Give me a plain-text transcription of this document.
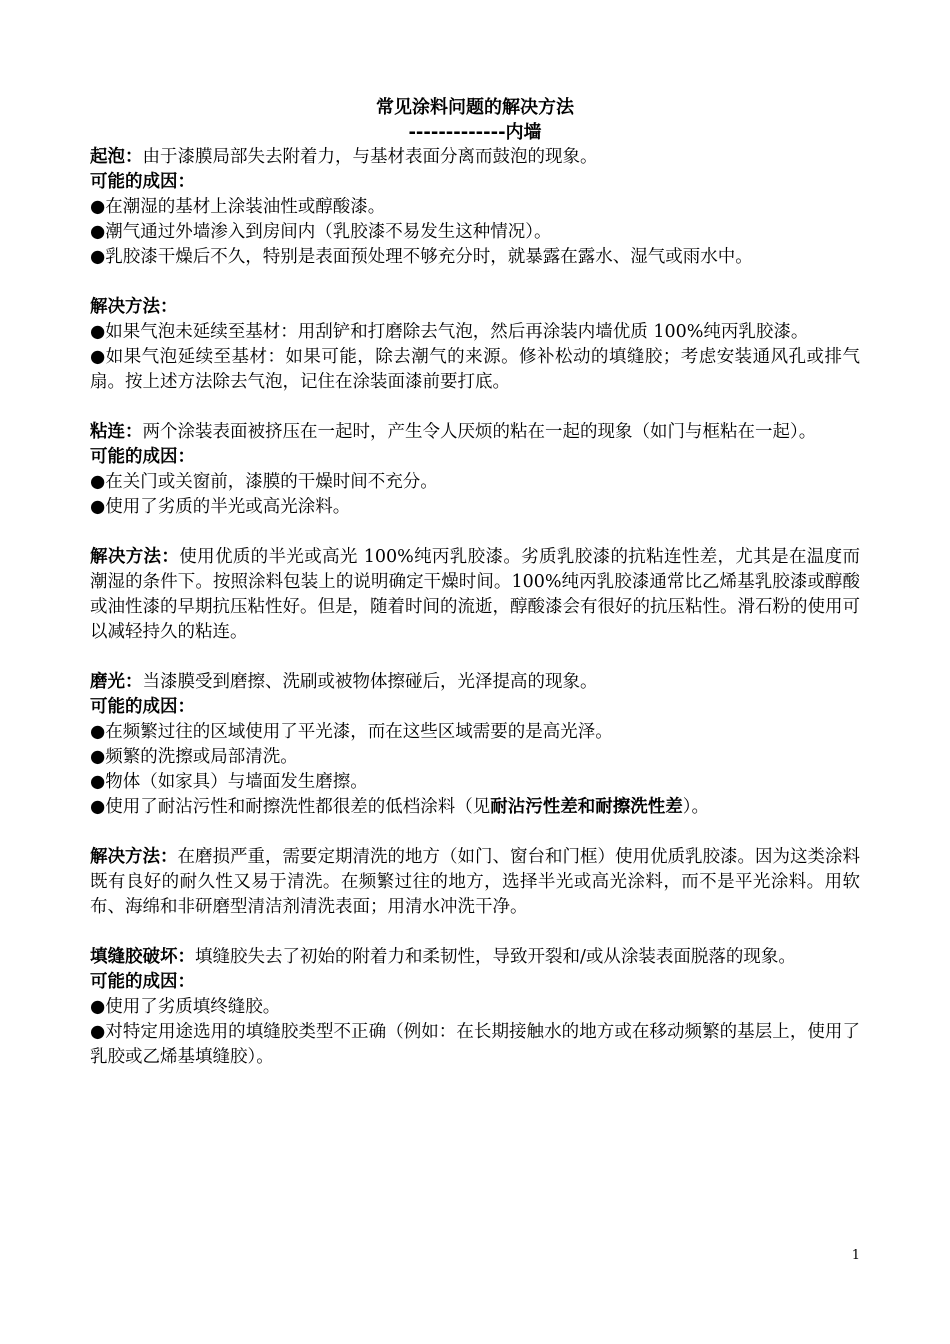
常见涂料问题的解决方法
-------------内墙
起泡：由于漆膜局部失去附着力，与基材表面分离而鼓泡的现象。
可能的成因：
●在潮湿的基材上涂装油性或醇酸漆。
●潮气通过外墙渗入到房间内（乳胶漆不易发生这种情况）。
●乳胶漆干燥后不久，特别是表面预处理不够充分时，就暴露在露水、湿气或雨水中。
解决方法：
●如果气泡未延续至基材：用刮铲和打磨除去气泡，然后再涂装内墙优质 100%纯丙乳胶漆。
●如果气泡延续至基材：如果可能，除去潮气的来源。修补松动的填缝胶；考虑安装通风孔或排气扇。按上述方法除去气泡，记住在涂装面漆前要打底。
粘连：两个涂装表面被挤压在一起时，产生令人厌烦的粘在一起的现象（如门与框粘在一起）。
可能的成因：
●在关门或关窗前，漆膜的干燥时间不充分。
●使用了劣质的半光或高光涂料。
解决方法：使用优质的半光或高光 100%纯丙乳胶漆。劣质乳胶漆的抗粘连性差，尤其是在温度而潮湿的条件下。按照涂料包装上的说明确定干燥时间。100%纯丙乳胶漆通常比乙烯基乳胶漆或醇酸或油性漆的早期抗压粘性好。但是，随着时间的流逝，醇酸漆会有很好的抗压粘性。滑石粉的使用可以减轻持久的粘连。
磨光：当漆膜受到磨擦、洗刷或被物体擦碰后，光泽提高的现象。
可能的成因：
●在频繁过往的区域使用了平光漆，而在这些区域需要的是高光泽。
●频繁的洗擦或局部清洗。
●物体（如家具）与墙面发生磨擦。
●使用了耐沾污性和耐擦洗性都很差的低档涂料（见耐沾污性差和耐擦洗性差）。
解决方法：在磨损严重，需要定期清洗的地方（如门、窗台和门框）使用优质乳胶漆。因为这类涂料既有良好的耐久性又易于清洗。在频繁过往的地方，选择半光或高光涂料，而不是平光涂料。用软布、海绵和非研磨型清洁剂清洗表面；用清水冲洗干净。
填缝胶破坏：填缝胶失去了初始的附着力和柔韧性，导致开裂和/或从涂装表面脱落的现象。
可能的成因：
●使用了劣质填终缝胶。
●对特定用途选用的填缝胶类型不正确（例如：在长期接触水的地方或在移动频繁的基层上，使用了乳胶或乙烯基填缝胶）。
1
